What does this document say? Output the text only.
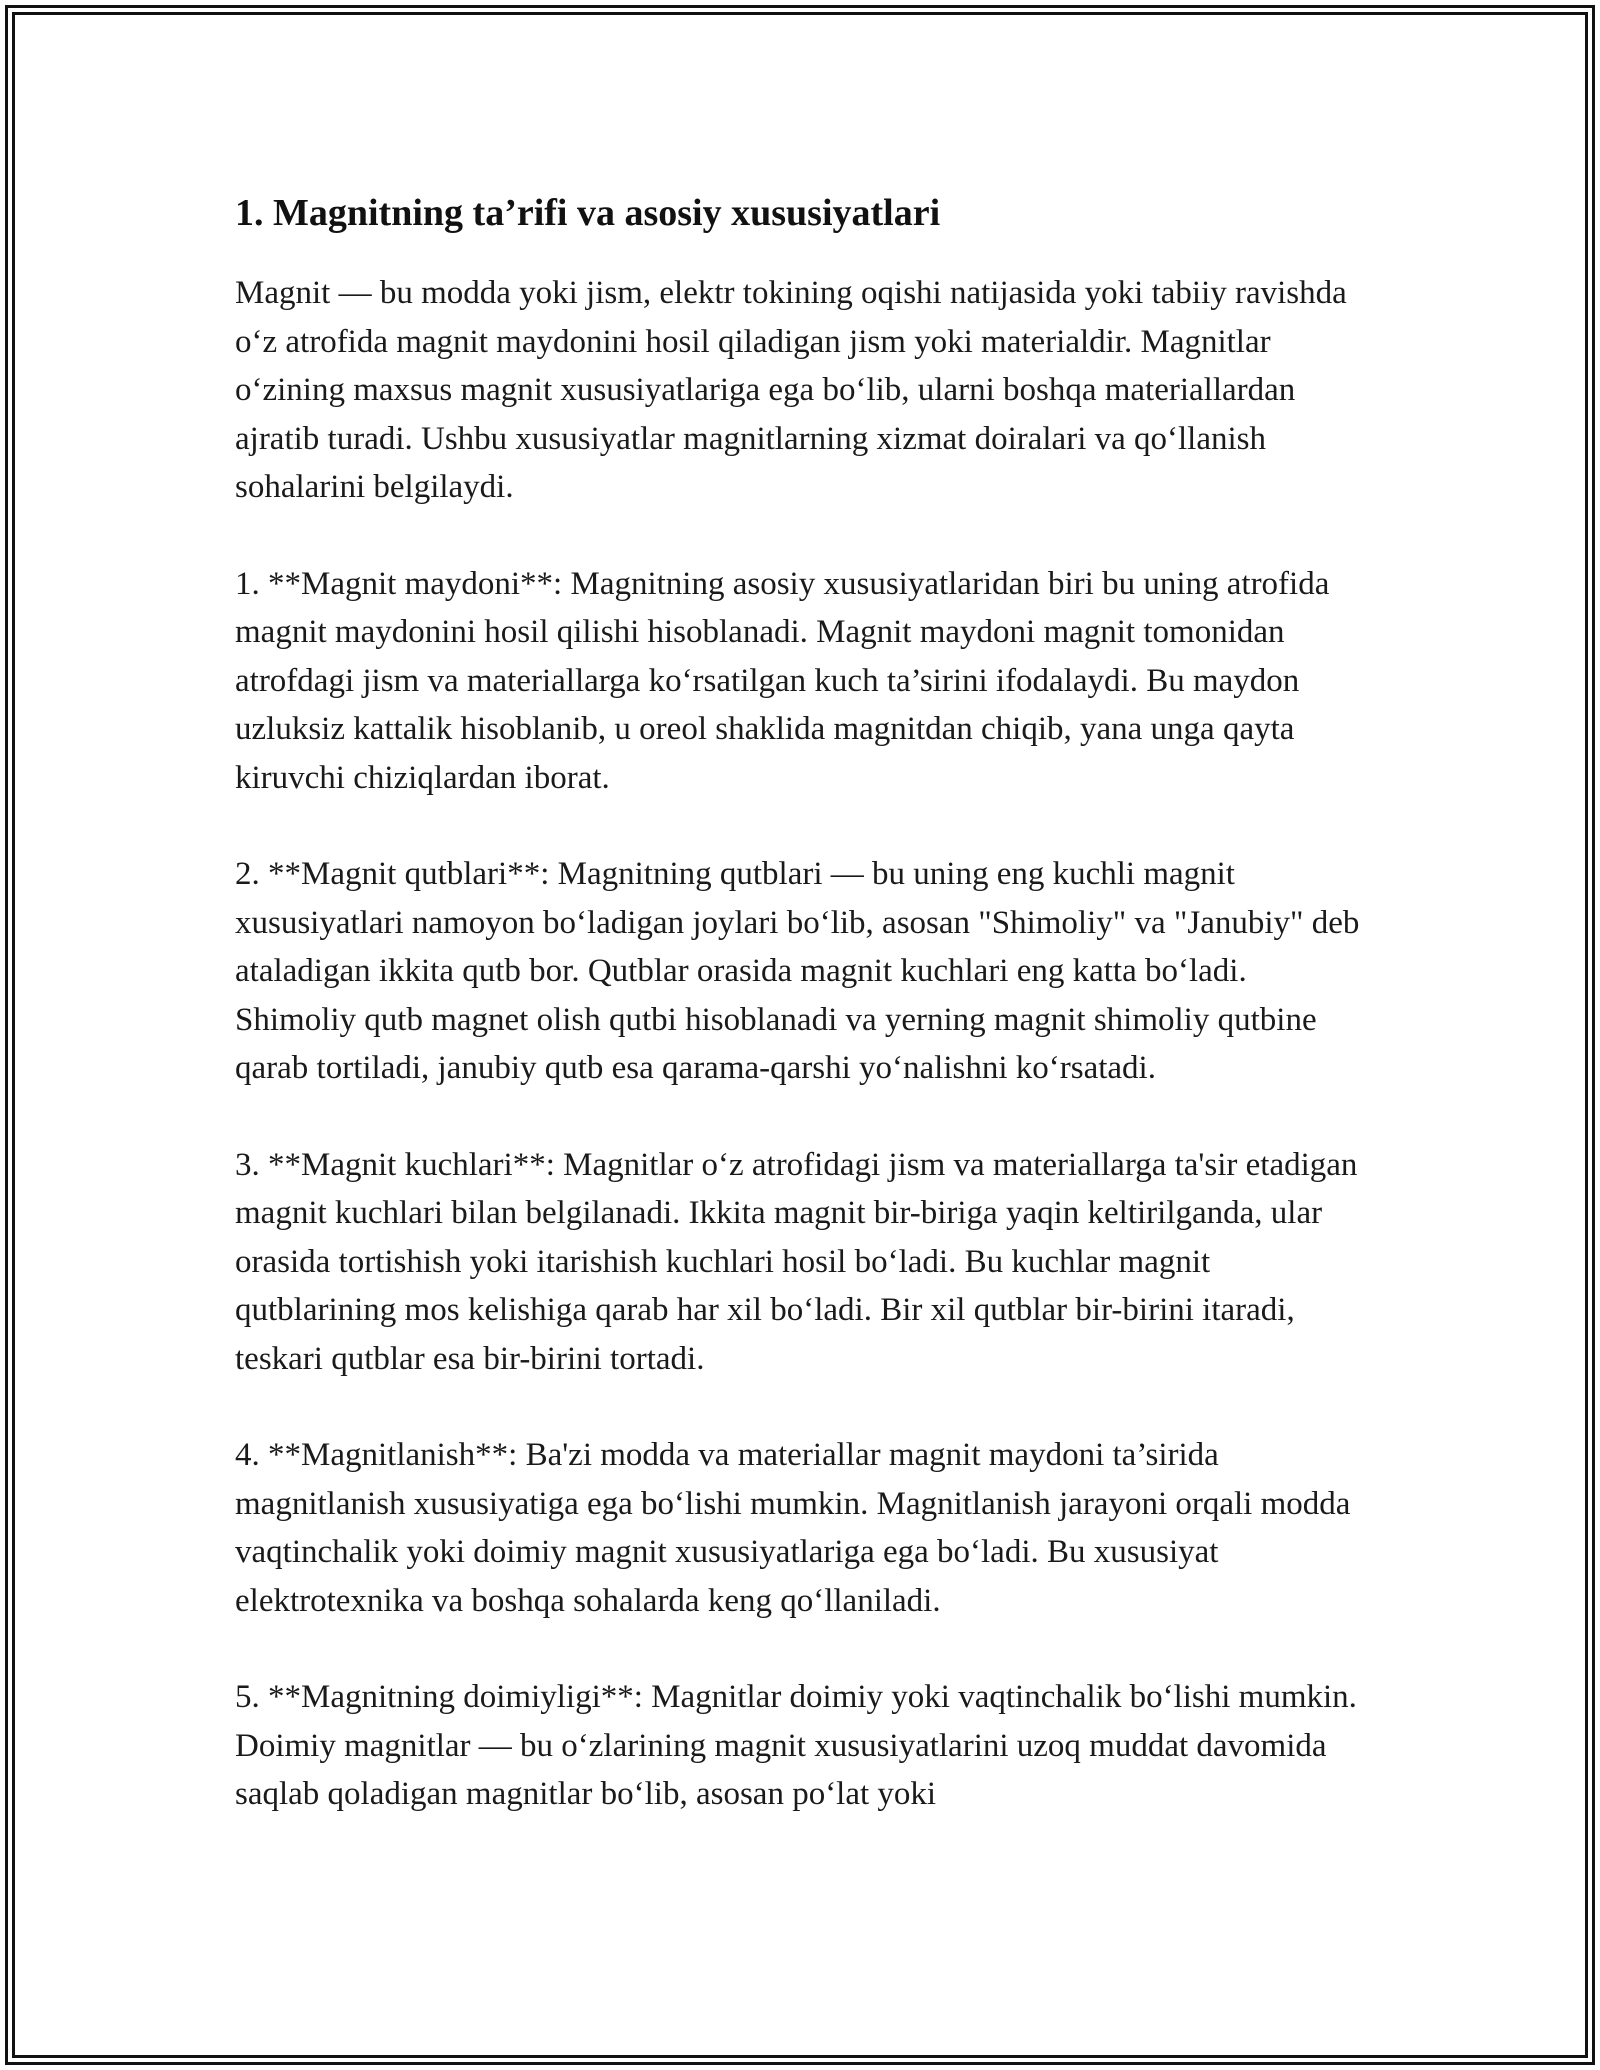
1. Magnitning ta’rifi va asosiy xususiyatlari

Magnit — bu modda yoki jism, elektr tokining oqishi natijasida yoki tabiiy ravishda oʻz atrofida magnit maydonini hosil qiladigan jism yoki materialdir. Magnitlar oʻzining maxsus magnit xususiyatlariga ega boʻlib, ularni boshqa materiallardan ajratib turadi. Ushbu xususiyatlar magnitlarning xizmat doiralari va qoʻllanish sohalarini belgilaydi.

1. **Magnit maydoni**: Magnitning asosiy xususiyatlaridan biri bu uning atrofida magnit maydonini hosil qilishi hisoblanadi. Magnit maydoni magnit tomonidan atrofdagi jism va materiallarga koʻrsatilgan kuch ta’sirini ifodalaydi. Bu maydon uzluksiz kattalik hisoblanib, u oreol shaklida magnitdan chiqib, yana unga qayta kiruvchi chiziqlardan iborat.

2. **Magnit qutblari**: Magnitning qutblari — bu uning eng kuchli magnit xususiyatlari namoyon boʻladigan joylari boʻlib, asosan "Shimoliy" va "Janubiy" deb ataladigan ikkita qutb bor. Qutblar orasida magnit kuchlari eng katta boʻladi. Shimoliy qutb magnet olish qutbi hisoblanadi va yerning magnit shimoliy qutbine qarab tortiladi, janubiy qutb esa qarama-qarshi yoʻnalishni koʻrsatadi.

3. **Magnit kuchlari**: Magnitlar oʻz atrofidagi jism va materiallarga ta'sir etadigan magnit kuchlari bilan belgilanadi. Ikkita magnit bir-biriga yaqin keltirilganda, ular orasida tortishish yoki itarishish kuchlari hosil boʻladi. Bu kuchlar magnit qutblarining mos kelishiga qarab har xil boʻladi. Bir xil qutblar bir-birini itaradi, teskari qutblar esa bir-birini tortadi.

4. **Magnitlanish**: Ba'zi modda va materiallar magnit maydoni ta’sirida magnitlanish xususiyatiga ega boʻlishi mumkin. Magnitlanish jarayoni orqali modda vaqtinchalik yoki doimiy magnit xususiyatlariga ega boʻladi. Bu xususiyat elektrotexnika va boshqa sohalarda keng qoʻllaniladi.

5. **Magnitning doimiyligi**: Magnitlar doimiy yoki vaqtinchalik boʻlishi mumkin. Doimiy magnitlar — bu oʻzlarining magnit xususiyatlarini uzoq muddat davomida saqlab qoladigan magnitlar boʻlib, asosan poʻlat yoki
